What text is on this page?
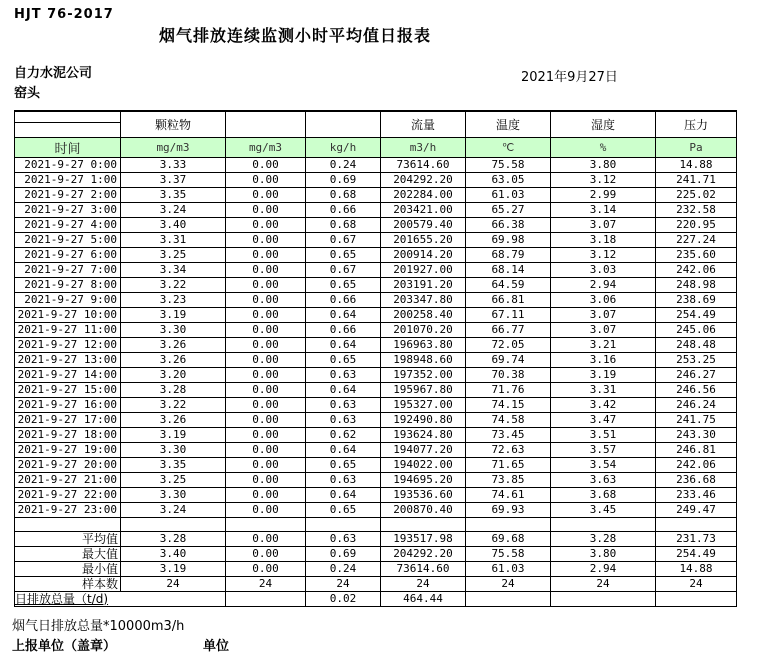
HJT 76-2017
烟气排放连续监测小时平均值日报表
自力水泥公司
窑头
2021年9月27日
	颗粒物			流量	温度	湿度	压力
时间	mg/m3	mg/m3	kg/h	m3/h	℃	%	Pa
2021-9-27 0:00	3.33	0.00	0.24	73614.60	75.58	3.80	14.88
2021-9-27 1:00	3.37	0.00	0.69	204292.20	63.05	3.12	241.71
2021-9-27 2:00	3.35	0.00	0.68	202284.00	61.03	2.99	225.02
2021-9-27 3:00	3.24	0.00	0.66	203421.00	65.27	3.14	232.58
2021-9-27 4:00	3.40	0.00	0.68	200579.40	66.38	3.07	220.95
2021-9-27 5:00	3.31	0.00	0.67	201655.20	69.98	3.18	227.24
2021-9-27 6:00	3.25	0.00	0.65	200914.20	68.79	3.12	235.60
2021-9-27 7:00	3.34	0.00	0.67	201927.00	68.14	3.03	242.06
2021-9-27 8:00	3.22	0.00	0.65	203191.20	64.59	2.94	248.98
2021-9-27 9:00	3.23	0.00	0.66	203347.80	66.81	3.06	238.69
2021-9-27 10:00	3.19	0.00	0.64	200258.40	67.11	3.07	254.49
2021-9-27 11:00	3.30	0.00	0.66	201070.20	66.77	3.07	245.06
2021-9-27 12:00	3.26	0.00	0.64	196963.80	72.05	3.21	248.48
2021-9-27 13:00	3.26	0.00	0.65	198948.60	69.74	3.16	253.25
2021-9-27 14:00	3.20	0.00	0.63	197352.00	70.38	3.19	246.27
2021-9-27 15:00	3.28	0.00	0.64	195967.80	71.76	3.31	246.56
2021-9-27 16:00	3.22	0.00	0.63	195327.00	74.15	3.42	246.24
2021-9-27 17:00	3.26	0.00	0.63	192490.80	74.58	3.47	241.75
2021-9-27 18:00	3.19	0.00	0.62	193624.80	73.45	3.51	243.30
2021-9-27 19:00	3.30	0.00	0.64	194077.20	72.63	3.57	246.81
2021-9-27 20:00	3.35	0.00	0.65	194022.00	71.65	3.54	242.06
2021-9-27 21:00	3.25	0.00	0.63	194695.20	73.85	3.63	236.68
2021-9-27 22:00	3.30	0.00	0.64	193536.60	74.61	3.68	233.46
2021-9-27 23:00	3.24	0.00	0.65	200870.40	69.93	3.45	249.47

平均值	3.28	0.00	0.63	193517.98	69.68	3.28	231.73
最大值	3.40	0.00	0.69	204292.20	75.58	3.80	254.49
最小值	3.19	0.00	0.24	73614.60	61.03	2.94	14.88
样本数	24	24	24	24	24	24	24
日排放总量（t/d)			0.02	464.44			
烟气日排放总量*10000m3/h
上报单位（盖章）	单位
